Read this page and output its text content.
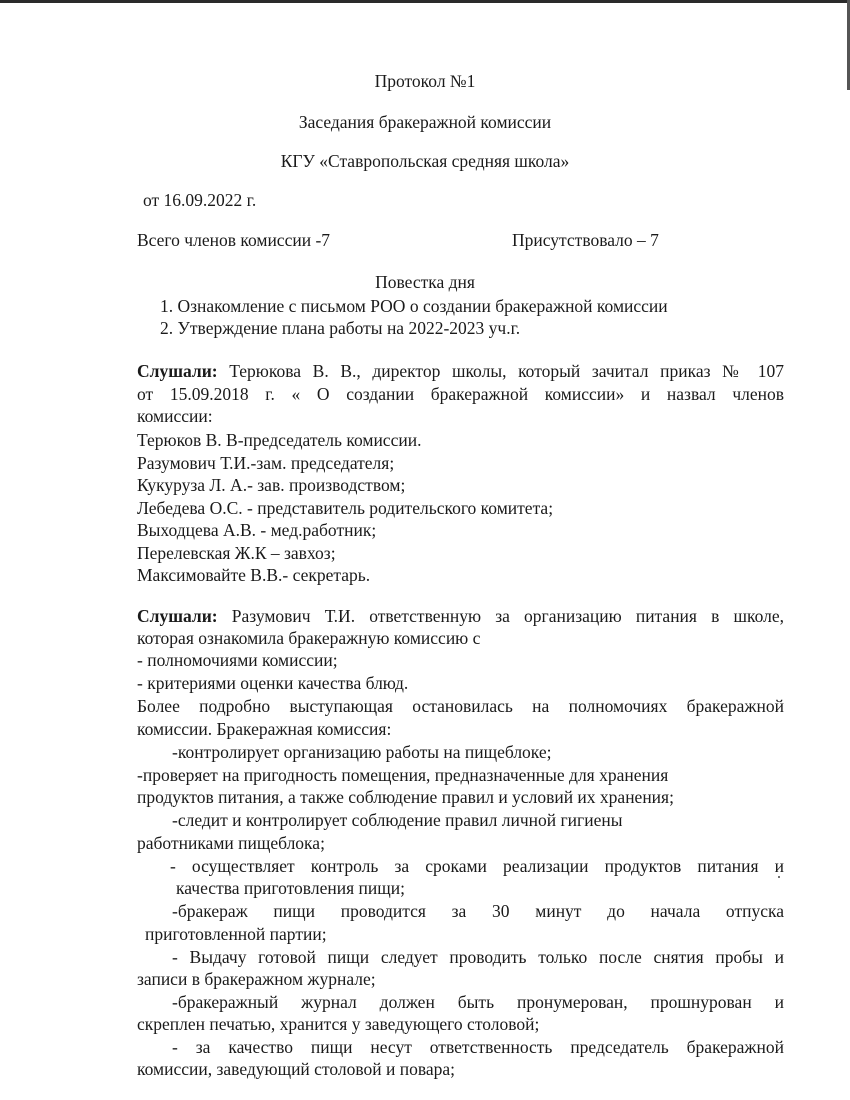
Протокол №1
Заседания бракеражной комиссии
КГУ «Ставропольская средняя школа»
от 16.09.2022 г.
Всего членов комиссии -7	Присутствовало – 7
Повестка дня
1. Ознакомление с письмом РОО о создании бракеражной комиссии
2. Утверждение плана работы на 2022-2023 уч.г.
Слушали: Терюкова В. В., директор школы, который зачитал приказ № 107
от 15.09.2018 г. « О создании бракеражной комиссии» и назвал членов
комиссии:
Терюков В. В-председатель комиссии.
Разумович Т.И.-зам. председателя;
Кукуруза Л. А.- зав. производством;
Лебедева О.С. - представитель родительского комитета;
Выходцева А.В. - мед.работник;
Перелевская Ж.К – завхоз;
Максимовайте В.В.- секретарь.
Слушали: Разумович Т.И. ответственную за организацию питания в школе,
которая ознакомила бракеражную комиссию с
- полномочиями комиссии;
- критериями оценки качества блюд.
Более подробно выступающая остановилась на полномочиях бракеражной
комиссии. Бракеражная комиссия:
-контролирует организацию работы на пищеблоке;
-проверяет на пригодность помещения, предназначенные для хранения
продуктов питания, а также соблюдение правил и условий их хранения;
-следит и контролирует соблюдение правил личной гигиены
работниками пищеблока;
- осуществляет контроль за сроками реализации продуктов питания и
качества приготовления пищи;
-бракераж пищи проводится за 30 минут до начала отпуска
приготовленной партии;
- Выдачу готовой пищи следует проводить только после снятия пробы и
записи в бракеражном журнале;
-бракеражный журнал должен быть пронумерован, прошнурован и
скреплен печатью, хранится у заведующего столовой;
- за качество пищи несут ответственность председатель бракеражной
комиссии, заведующий столовой и повара;
